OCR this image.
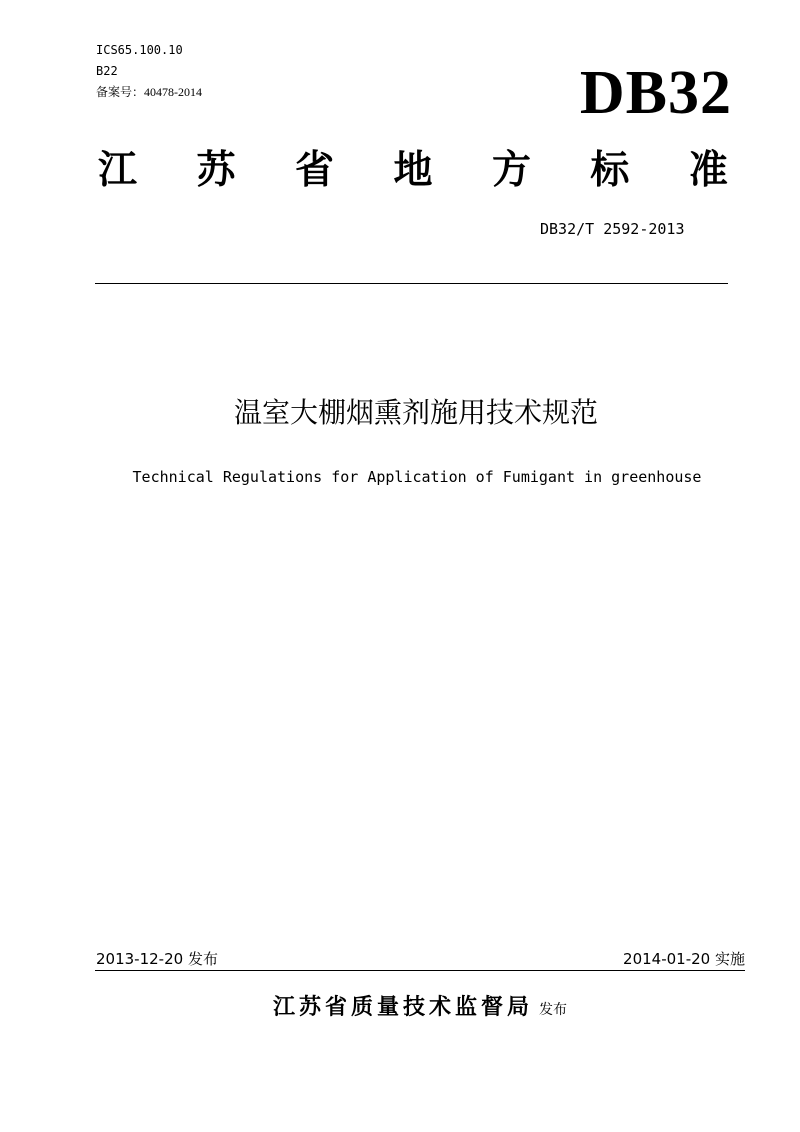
ICS65.100.10
B22
备案号：40478-2014	DB32
江 苏 省 地 方 标 准
DB32/T 2592-2013
温室大棚烟熏剂施用技术规范
Technical Regulations for Application of Fumigant in greenhouse
2013-12-20 发布	2014-01-20 实施
江苏省质量技术监督局 发布
